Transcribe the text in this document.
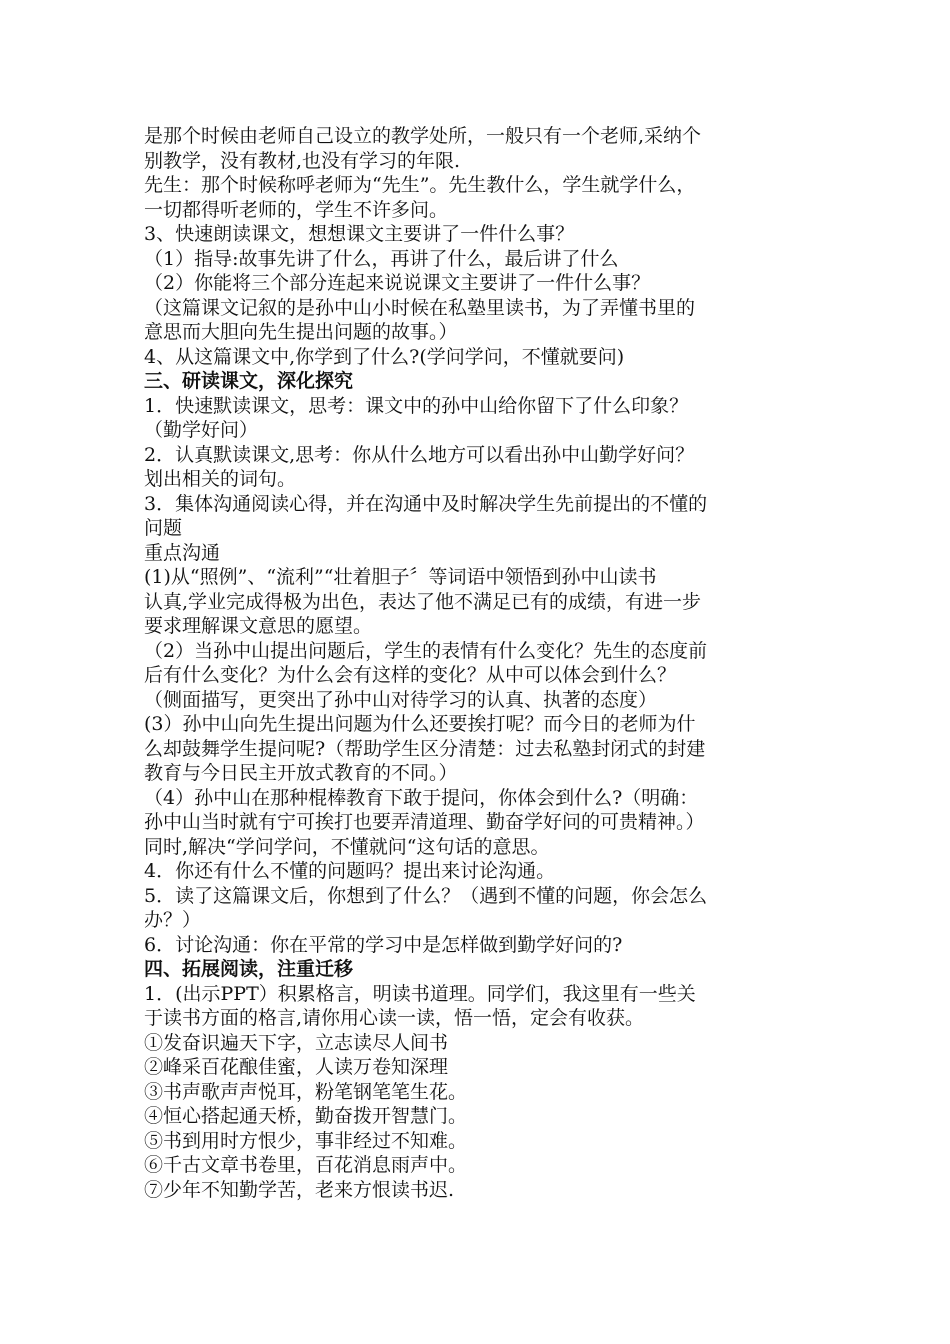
是那个时候由老师自己设立的教学处所，一般只有一个老师,采纳个

别教学，没有教材,也没有学习的年限.

先生：那个时候称呼老师为“先生”。先生教什么，学生就学什么，

一切都得听老师的，学生不许多问。

3、快速朗读课文，想想课文主要讲了一件什么事？

（1）指导:故事先讲了什么，再讲了什么，最后讲了什么

（2）你能将三个部分连起来说说课文主要讲了一件什么事？

（这篇课文记叙的是孙中山小时候在私塾里读书，为了弄懂书里的

意思而大胆向先生提出问题的故事。）

4、从这篇课文中,你学到了什么?(学问学问，不懂就要问)

三、研读课文，深化探究

1．快速默读课文，思考：课文中的孙中山给你留下了什么印象？

（勤学好问）

2．认真默读课文,思考：你从什么地方可以看出孙中山勤学好问？

划出相关的词句。

3．集体沟通阅读心得，并在沟通中及时解决学生先前提出的不懂的

问题

重点沟通

(1)从“照例”、“流利”“壮着胆子〞等词语中领悟到孙中山读书

认真,学业完成得极为出色，表达了他不满足已有的成绩，有进一步

要求理解课文意思的愿望。

（2）当孙中山提出问题后，学生的表情有什么变化？先生的态度前

后有什么变化？为什么会有这样的变化？从中可以体会到什么？

（侧面描写，更突出了孙中山对待学习的认真、执著的态度）

(3）孙中山向先生提出问题为什么还要挨打呢？而今日的老师为什

么却鼓舞学生提问呢?（帮助学生区分清楚：过去私塾封闭式的封建

教育与今日民主开放式教育的不同。）

（4）孙中山在那种棍棒教育下敢于提问，你体会到什么?（明确：

孙中山当时就有宁可挨打也要弄清道理、勤奋学好问的可贵精神。）

同时,解决“学问学问，不懂就问“这句话的意思。

4．你还有什么不懂的问题吗？提出来讨论沟通。

5．读了这篇课文后，你想到了什么？（遇到不懂的问题，你会怎么

办？）

6．讨论沟通：你在平常的学习中是怎样做到勤学好问的?

四、拓展阅读，注重迁移

1．(出示PPT）积累格言，明读书道理。同学们，我这里有一些关

于读书方面的格言,请你用心读一读，悟一悟，定会有收获。

①发奋识遍天下字，立志读尽人间书

②峰采百花酿佳蜜，人读万卷知深理

③书声歌声声悦耳，粉笔钢笔笔生花。

④恒心搭起通天桥，勤奋拨开智慧门。

⑤书到用时方恨少，事非经过不知难。

⑥千古文章书卷里，百花消息雨声中。

⑦少年不知勤学苦，老来方恨读书迟.
